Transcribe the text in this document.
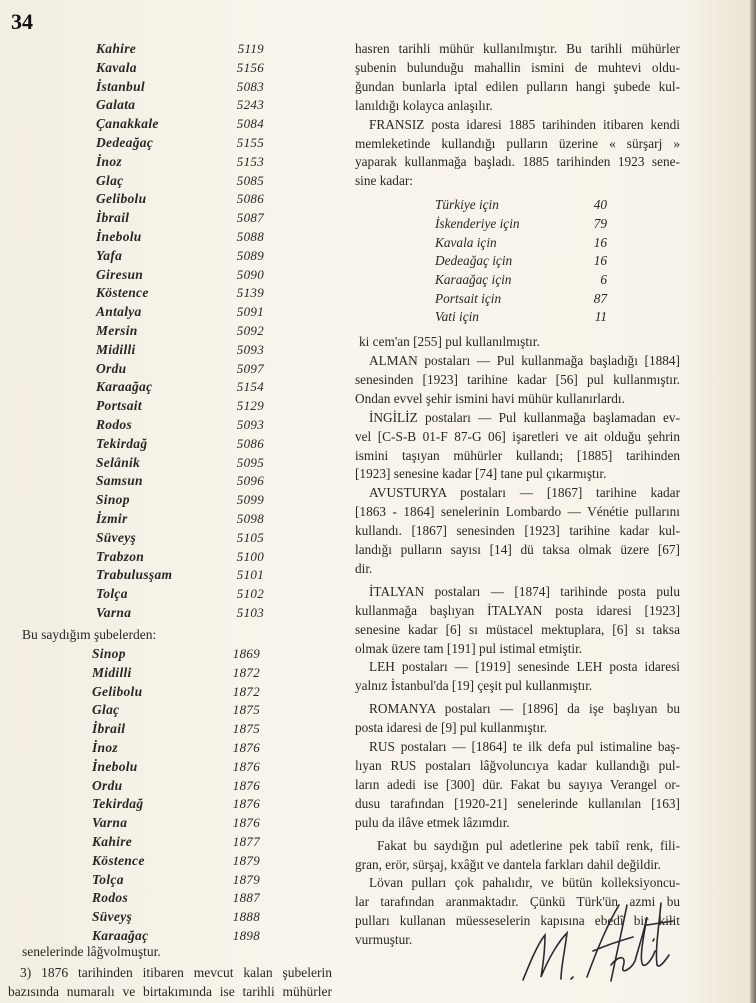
34
Kahire	5119
Kavala	5156
İstanbul	5083
Galata	5243
Çanakkale	5084
Dedeağaç	5155
İnoz	5153
Glaç	5085
Gelibolu	5086
İbrail	5087
İnebolu	5088
Yafa	5089
Giresun	5090
Köstence	5139
Antalya	5091
Mersin	5092
Midilli	5093
Ordu	5097
Karaağaç	5154
Portsait	5129
Rodos	5093
Tekirdağ	5086
Selânik	5095
Samsun	5096
Sinop	5099
İzmir	5098
Süveyş	5105
Trabzon	5100
Trabulusşam	5101
Tolça	5102
Varna	5103
Bu saydığım şubelerden:
Sinop	1869
Midilli	1872
Gelibolu	1872
Glaç	1875
İbrail	1875
İnoz	1876
İnebolu	1876
Ordu	1876
Tekirdağ	1876
Varna	1876
Kahire	1877
Köstence	1879
Tolça	1879
Rodos	1887
Süveyş	1888
Karaağaç	1898
senelerinde lâğvolmuştur.
3) 1876 tarihinden itibaren mevcut kalan şubelerin
bazısında numaralı ve birtakımında ise tarihli mühürler
hasren tarihli mühür kullanılmıştır. Bu tarihli mühürler
şubenin bulunduğu mahallin ismini de muhtevi oldu-
ğundan bunlarla iptal edilen pulların hangi şubede kul-
lanıldığı kolayca anlaşılır.
FRANSIZ posta idaresi 1885 tarihinden itibaren kendi
memleketinde kullandığı pulların üzerine « sürşarj »
yaparak kullanmağa başladı. 1885 tarihinden 1923 sene-
sine kadar:
Türkiye için	40
İskenderiye için	79
Kavala için	16
Dedeağaç için	16
Karaağaç için	6
Portsait için	87
Vati için	11
ki cem'an [255] pul kullanılmıştır.
ALMAN postaları — Pul kullanmağa başladığı [1884]
senesinden [1923] tarihine kadar [56] pul kullanmıştır.
Ondan evvel şehir ismini havi mühür kullanırlardı.
İNGİLİZ postaları — Pul kullanmağa başlamadan ev-
vel [C-S-B 01-F 87-G 06] işaretleri ve ait olduğu şehrin
ismini taşıyan mühürler kullandı; [1885] tarihinden
[1923] senesine kadar [74] tane pul çıkarmıştır.
AVUSTURYA postaları — [1867] tarihine kadar
[1863 - 1864] senelerinin Lombardo — Vénétie pullarını
kullandı. [1867] senesinden [1923] tarihine kadar kul-
landığı pulların sayısı [14] dü taksa olmak üzere [67]
dir.
İTALYAN postaları — [1874] tarihinde posta pulu
kullanmağa başlıyan İTALYAN posta idaresi [1923]
senesine kadar [6] sı müstacel mektuplara, [6] sı taksa
olmak üzere tam [191] pul istimal etmiştir.
LEH postaları — [1919] senesinde LEH posta idaresi
yalnız İstanbul'da [19] çeşit pul kullanmıştır.
ROMANYA postaları — [1896] da işe başlıyan bu
posta idaresi de [9] pul kullanmıştır.
RUS postaları — [1864] te ilk defa pul istimaline baş-
lıyan RUS postaları lâğvoluncıya kadar kullandığı pul-
ların adedi ise [300] dür. Fakat bu sayıya Verangel or-
dusu tarafından [1920-21] senelerinde kullanılan [163]
pulu da ilâve etmek lâzımdır.
Fakat bu saydığın pul adetlerine pek tabiî renk, fili-
gran, erör, sürşaj, kxâğıt ve dantela farkları dahil değildir.
Lövan pulları çok pahalıdır, ve bütün kolleksiyoncu-
lar tarafından aranmaktadır. Çünkü Türk'ün azmi bu
pulları kullanan müesseselerin kapısına ebedî bir kilit
vurmuştur.
